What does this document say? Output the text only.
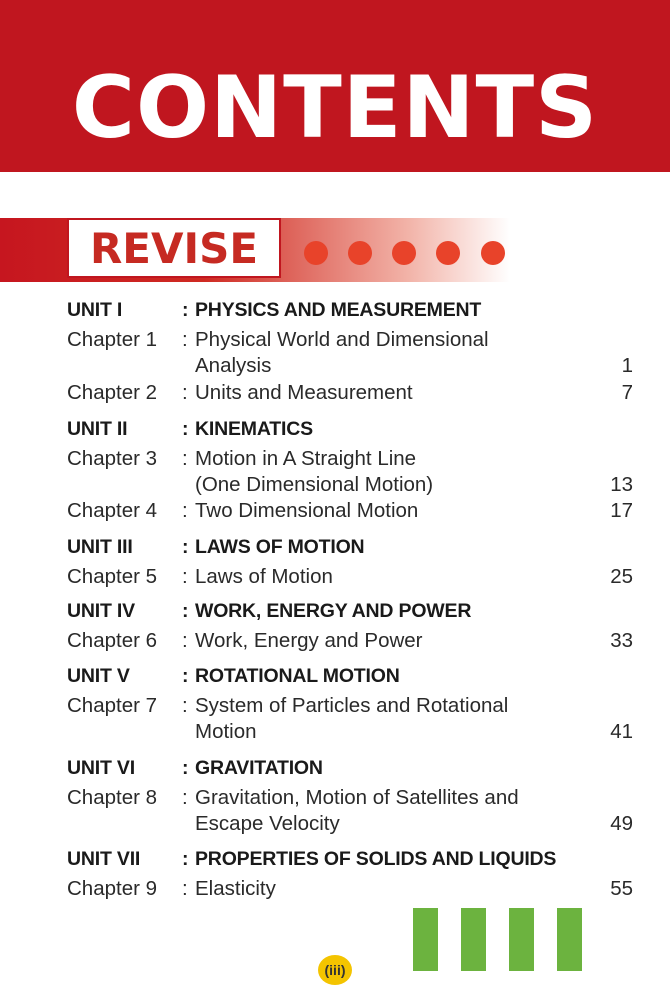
CONTENTS
REVISE
UNIT I	: PHYSICS AND MEASUREMENT
Chapter 1 : Physical World and Dimensional
Analysis	1
Chapter 2 : Units and Measurement	7
UNIT II	: KINEMATICS
Chapter 3 : Motion in A Straight Line
(One Dimensional Motion)	13
Chapter 4 : Two Dimensional Motion	17
UNIT III	: LAWS OF MOTION
Chapter 5 : Laws of Motion	25
UNIT IV : WORK, ENERGY AND POWER
Chapter 6 : Work, Energy and Power	33
UNIT V	: ROTATIONAL MOTION
Chapter 7 : System of Particles and Rotational
Motion	41
UNIT VI : GRAVITATION
Chapter 8 : Gravitation, Motion of Satellites and
Escape Velocity	49
UNIT VII : PROPERTIES OF SOLIDS AND LIQUIDS
Chapter 9 : Elasticity	55
(iii)
